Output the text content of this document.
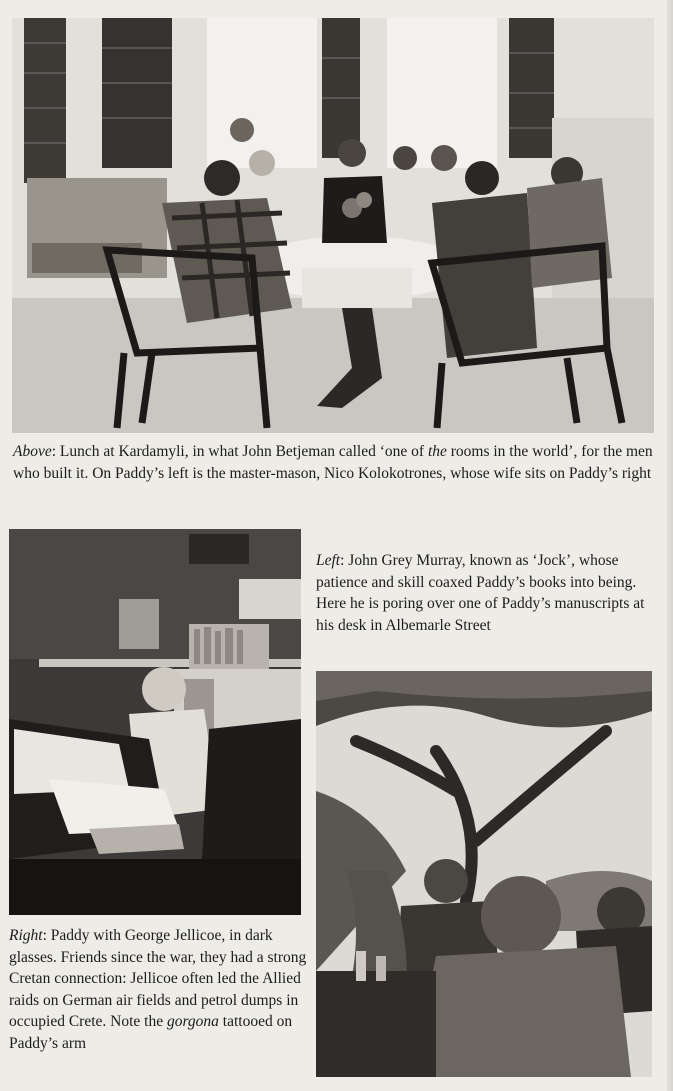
Above: Lunch at Kardamyli, in what John Betjeman called ‘one of the rooms in the world’, for the men who built it. On Paddy’s left is the master-mason, Nico Kolokotrones, whose wife sits on Paddy’s right

Left: John Grey Murray, known as ‘Jock’, whose patience and skill coaxed Paddy’s books into being. Here he is poring over one of Paddy’s manuscripts at his desk in Albemarle Street

Right: Paddy with George Jellicoe, in dark glasses. Friends since the war, they had a strong Cretan connection: Jellicoe often led the Allied raids on German air fields and petrol dumps in occupied Crete. Note the gorgona tattooed on Paddy’s arm
